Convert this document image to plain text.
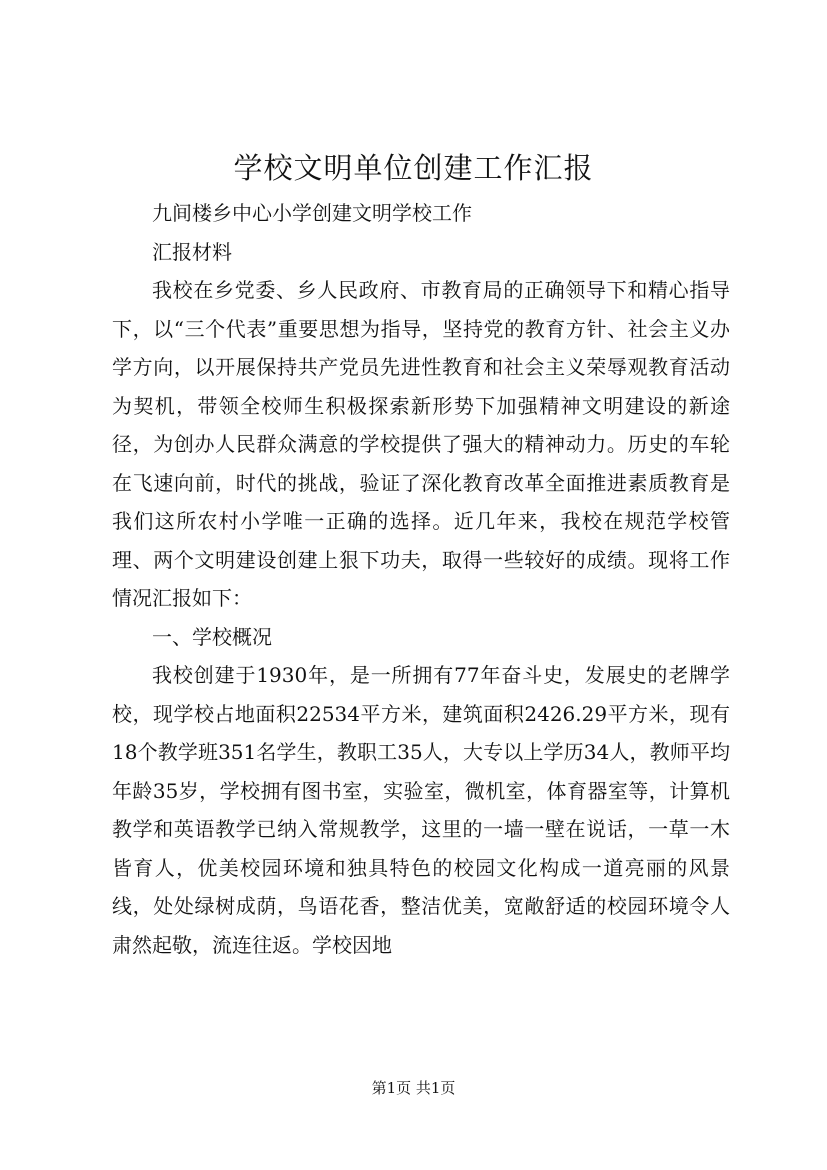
学校文明单位创建工作汇报

九间楼乡中心小学创建文明学校工作

汇报材料

我校在乡党委、乡人民政府、市教育局的正确领导下和精心指导下，以“三个代表”重要思想为指导，坚持党的教育方针、社会主义办学方向，以开展保持共产党员先进性教育和社会主义荣辱观教育活动为契机，带领全校师生积极探索新形势下加强精神文明建设的新途径，为创办人民群众满意的学校提供了强大的精神动力。历史的车轮在飞速向前，时代的挑战，验证了深化教育改革全面推进素质教育是我们这所农村小学唯一正确的选择。近几年来，我校在规范学校管理、两个文明建设创建上狠下功夫，取得一些较好的成绩。现将工作情况汇报如下：

一、学校概况

我校创建于1930年，是一所拥有77年奋斗史，发展史的老牌学校，现学校占地面积22534平方米，建筑面积2426.29平方米，现有18个教学班351名学生，教职工35人，大专以上学历34人，教师平均年龄35岁，学校拥有图书室，实验室，微机室，体育器室等，计算机教学和英语教学已纳入常规教学，这里的一墙一壁在说话，一草一木皆育人，优美校园环境和独具特色的校园文化构成一道亮丽的风景线，处处绿树成荫，鸟语花香，整洁优美，宽敞舒适的校园环境令人肃然起敬，流连往返。学校因地

第1页 共1页
